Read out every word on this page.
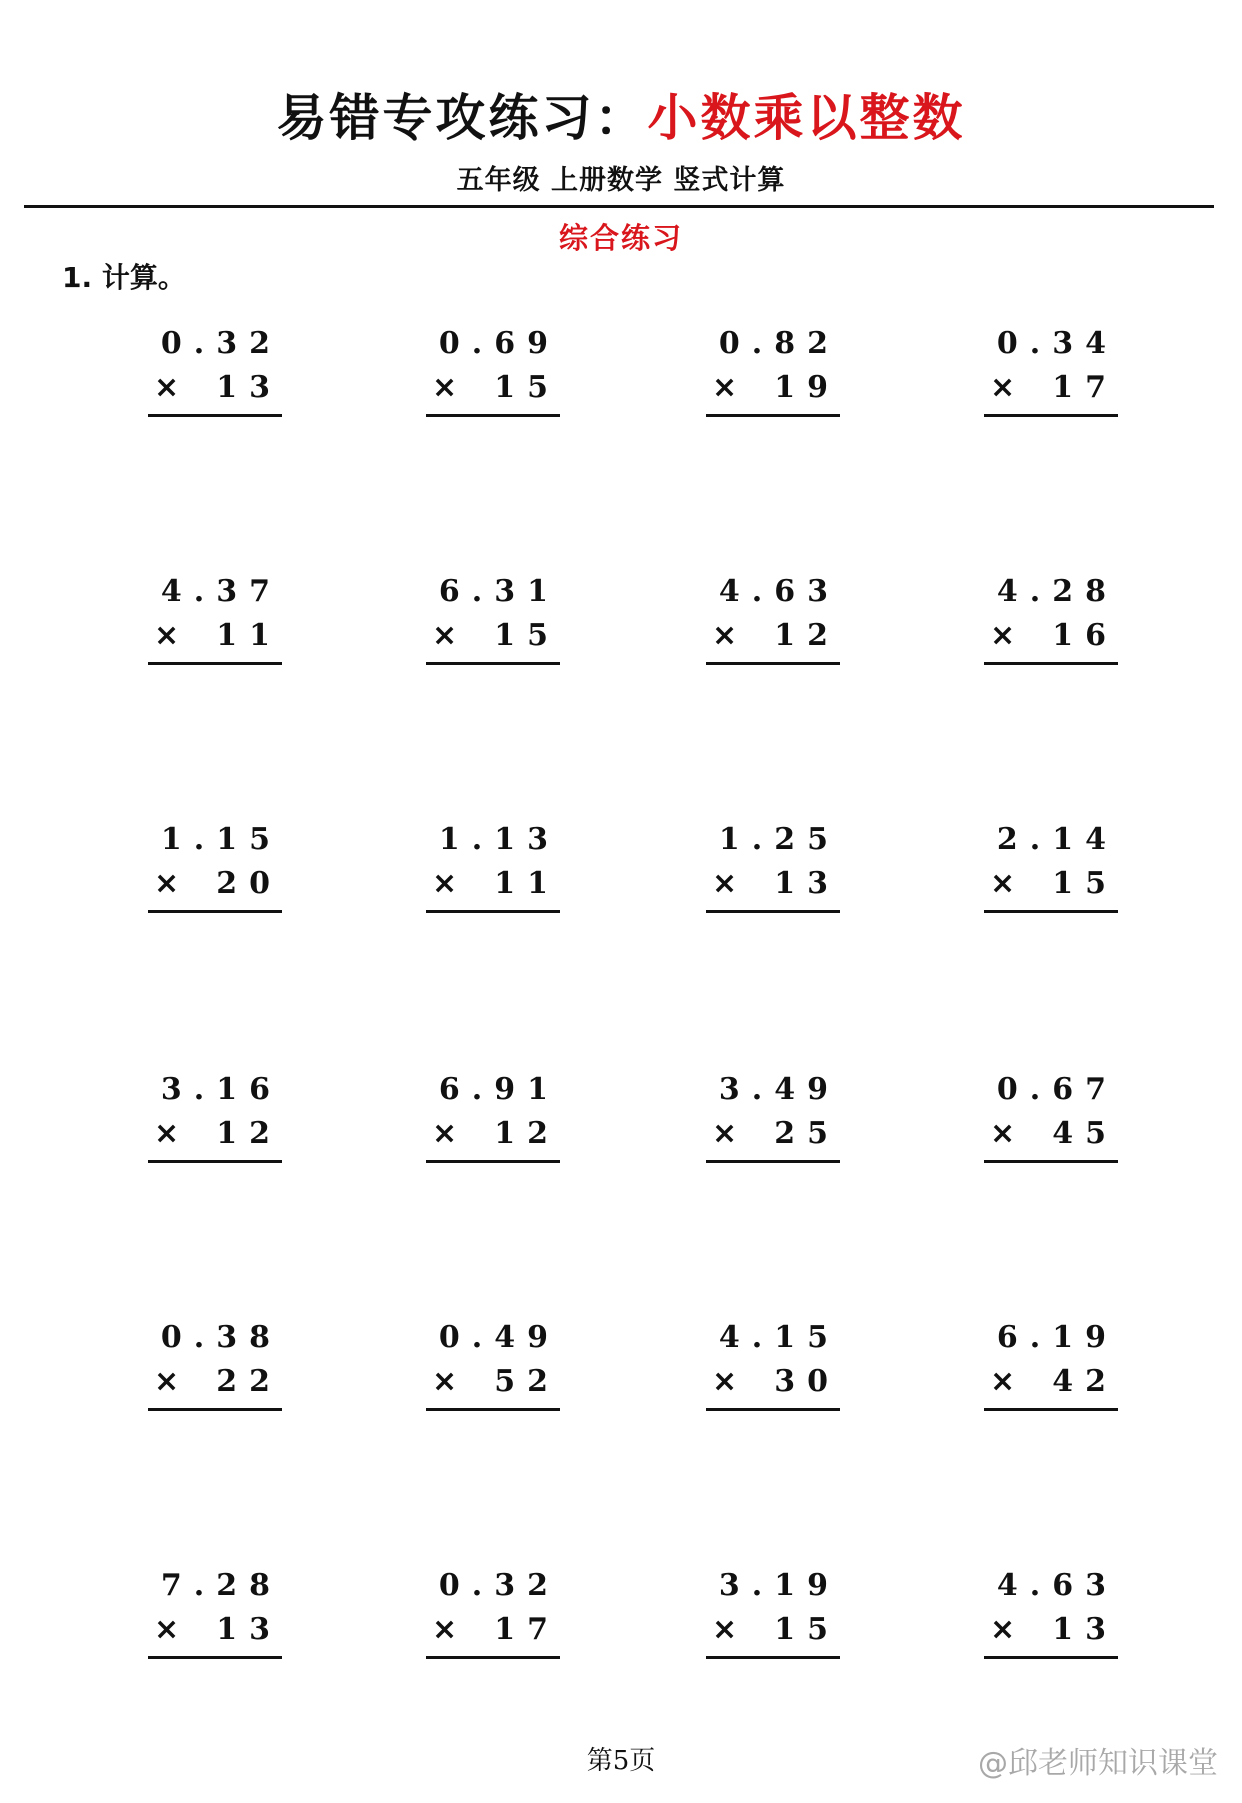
易错专攻练习：小数乘以整数
五年级 上册数学 竖式计算
综合练习
1. 计算。
0.32
× 13
0.69
× 15
0.82
× 19
0.34
× 17
4.37
× 11
6.31
× 15
4.63
× 12
4.28
× 16
1.15
× 20
1.13
× 11
1.25
× 13
2.14
× 15
3.16
× 12
6.91
× 12
3.49
× 25
0.67
× 45
0.38
× 22
0.49
× 52
4.15
× 30
6.19
× 42
7.28
× 13
0.32
× 17
3.19
× 15
4.63
× 13
第5页	@邱老师知识课堂
